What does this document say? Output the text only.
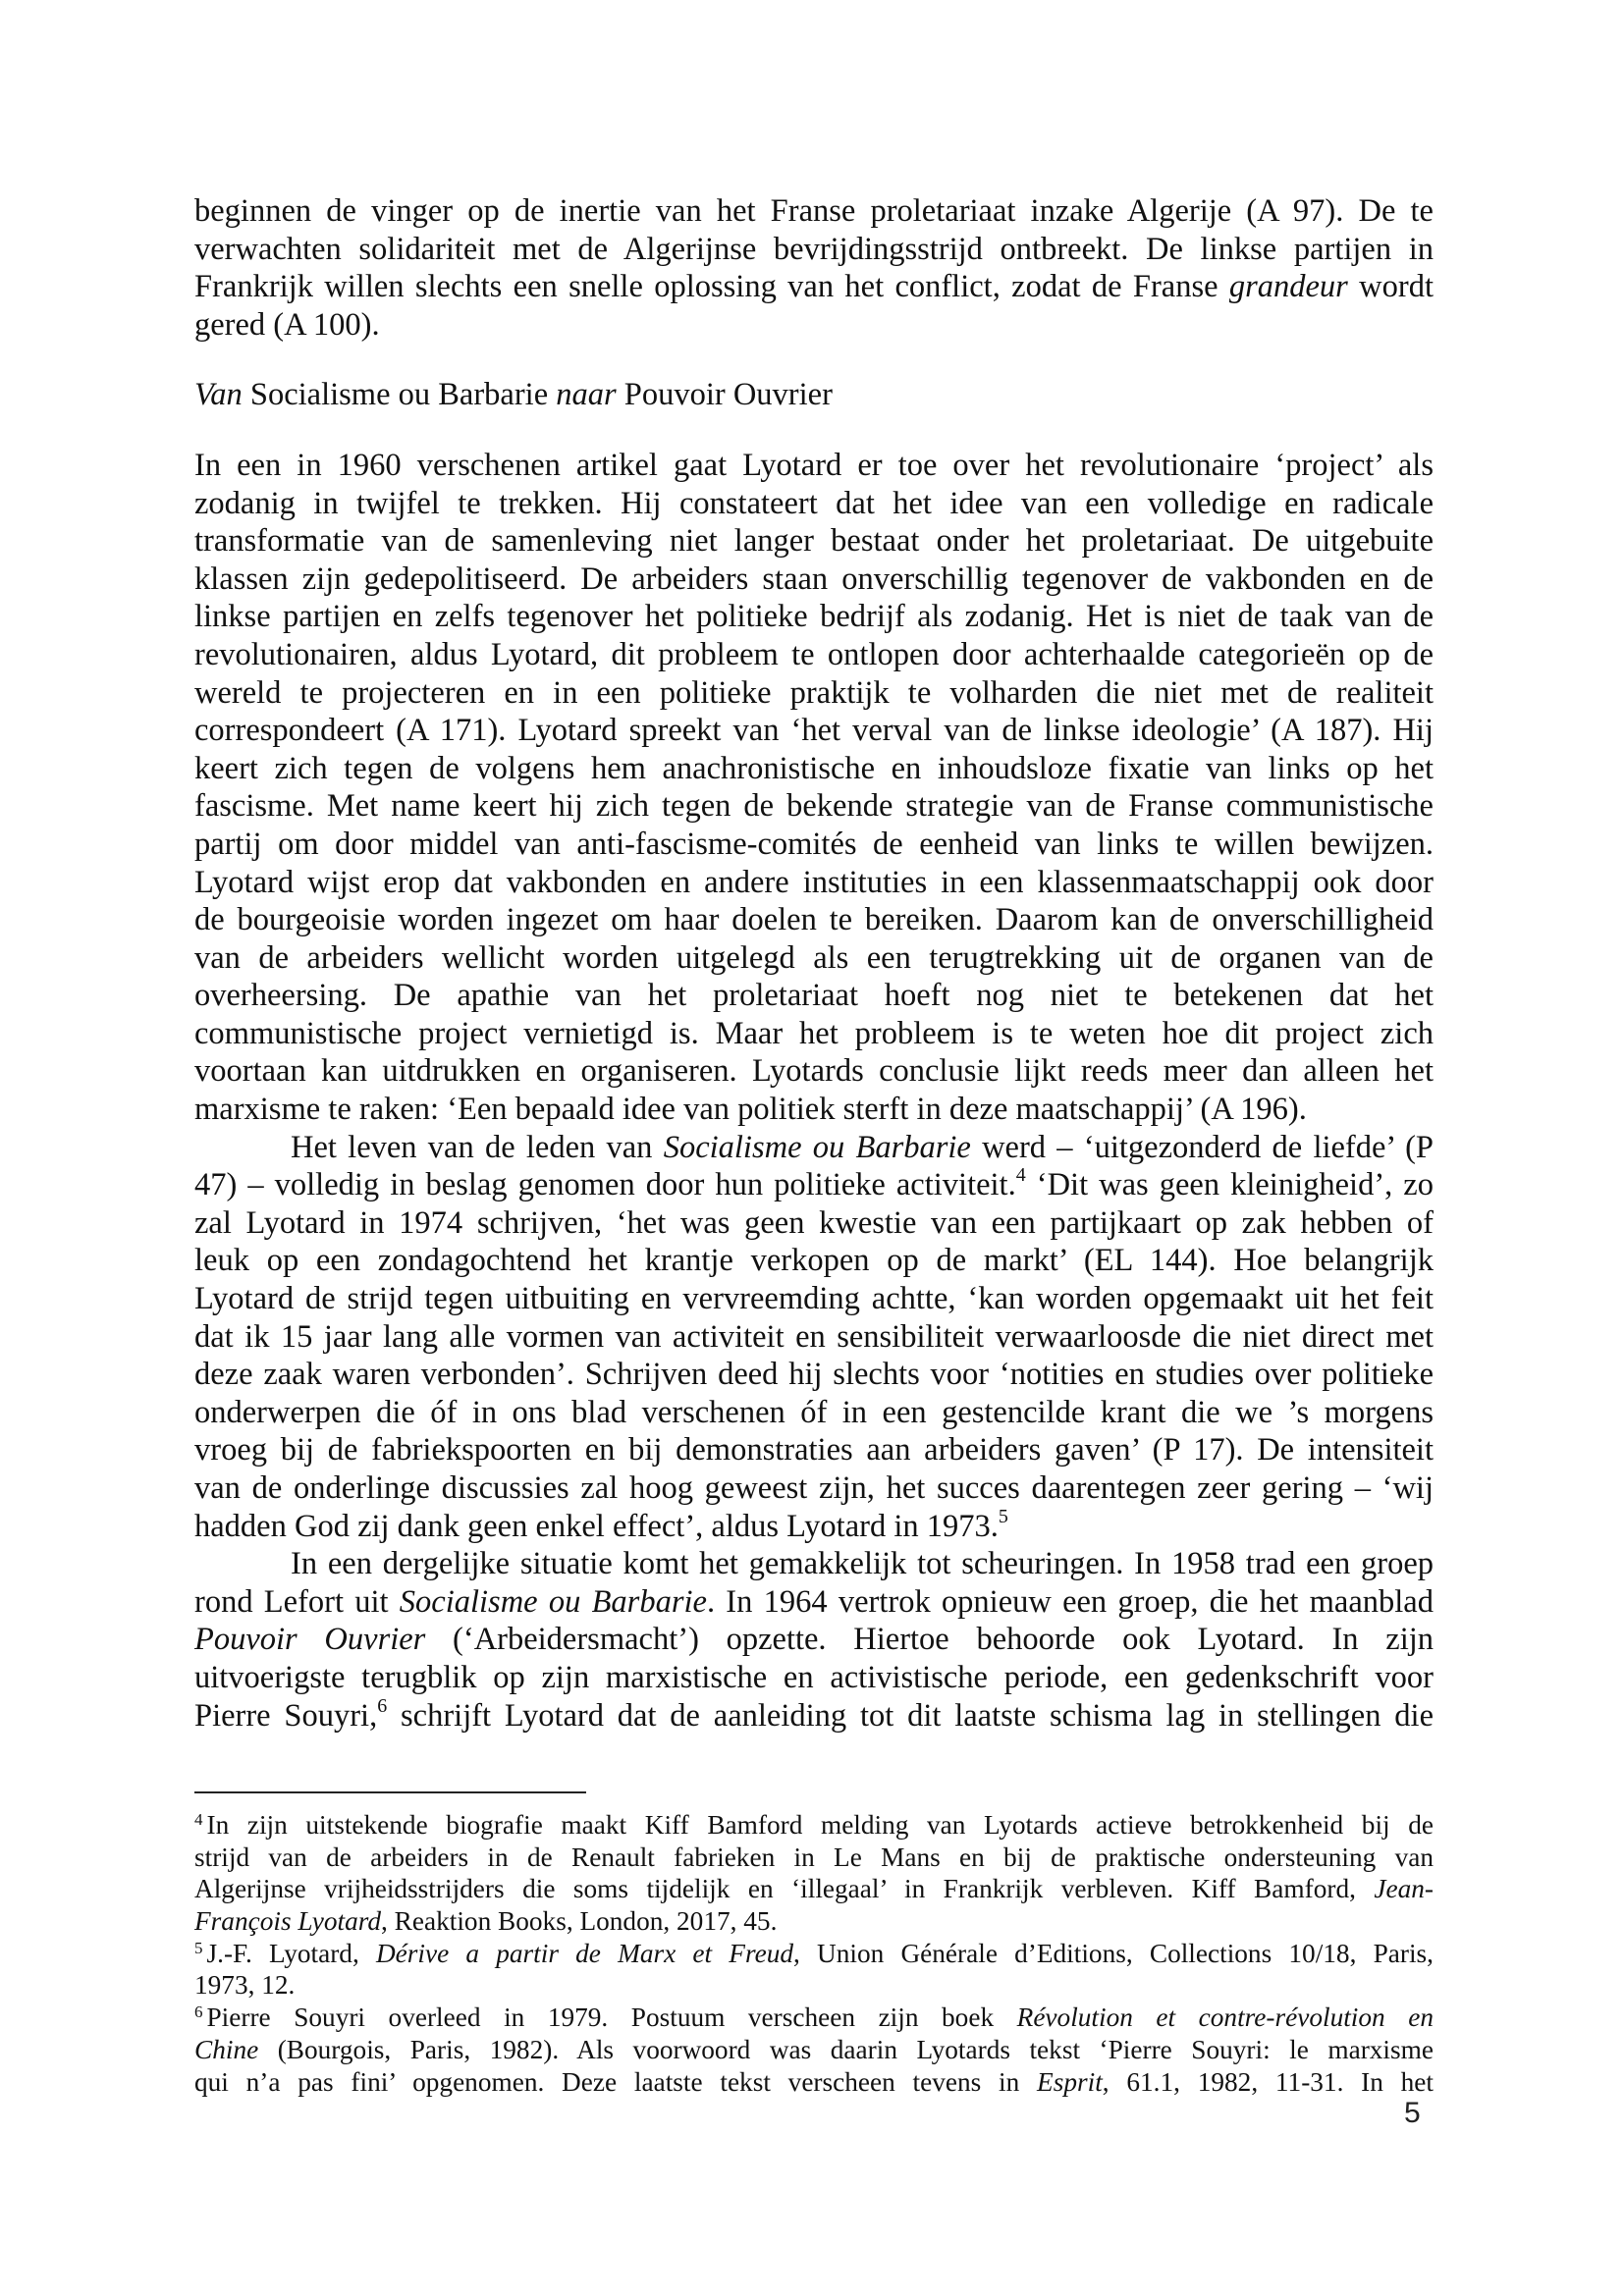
beginnen de vinger op de inertie van het Franse proletariaat inzake Algerije (A 97). De te
verwachten solidariteit met de Algerijnse bevrijdingsstrijd ontbreekt. De linkse partijen in
Frankrijk willen slechts een snelle oplossing van het conflict, zodat de Franse grandeur wordt
gered (A 100).
Van Socialisme ou Barbarie naar Pouvoir Ouvrier
In een in 1960 verschenen artikel gaat Lyotard er toe over het revolutionaire ‘project’ als
zodanig in twijfel te trekken. Hij constateert dat het idee van een volledige en radicale
transformatie van de samenleving niet langer bestaat onder het proletariaat. De uitgebuite
klassen zijn gedepolitiseerd. De arbeiders staan onverschillig tegenover de vakbonden en de
linkse partijen en zelfs tegenover het politieke bedrijf als zodanig. Het is niet de taak van de
revolutionairen, aldus Lyotard, dit probleem te ontlopen door achterhaalde categorieën op de
wereld te projecteren en in een politieke praktijk te volharden die niet met de realiteit
correspondeert (A 171). Lyotard spreekt van ‘het verval van de linkse ideologie’ (A 187). Hij
keert zich tegen de volgens hem anachronistische en inhoudsloze fixatie van links op het
fascisme. Met name keert hij zich tegen de bekende strategie van de Franse communistische
partij om door middel van anti-fascisme-comités de eenheid van links te willen bewijzen.
Lyotard wijst erop dat vakbonden en andere instituties in een klassenmaatschappij ook door
de bourgeoisie worden ingezet om haar doelen te bereiken. Daarom kan de onverschilligheid
van de arbeiders wellicht worden uitgelegd als een terugtrekking uit de organen van de
overheersing. De apathie van het proletariaat hoeft nog niet te betekenen dat het
communistische project vernietigd is. Maar het probleem is te weten hoe dit project zich
voortaan kan uitdrukken en organiseren. Lyotards conclusie lijkt reeds meer dan alleen het
marxisme te raken: ‘Een bepaald idee van politiek sterft in deze maatschappij’ (A 196).
Het leven van de leden van Socialisme ou Barbarie werd – ‘uitgezonderd de liefde’ (P
47) – volledig in beslag genomen door hun politieke activiteit.$^4$ ‘Dit was geen kleinigheid’, zo
zal Lyotard in 1974 schrijven, ‘het was geen kwestie van een partijkaart op zak hebben of
leuk op een zondagochtend het krantje verkopen op de markt’ (EL 144). Hoe belangrijk
Lyotard de strijd tegen uitbuiting en vervreemding achtte, ‘kan worden opgemaakt uit het feit
dat ik 15 jaar lang alle vormen van activiteit en sensibiliteit verwaarloosde die niet direct met
deze zaak waren verbonden’. Schrijven deed hij slechts voor ‘notities en studies over politieke
onderwerpen die óf in ons blad verschenen óf in een gestencilde krant die we ’s morgens
vroeg bij de fabriekspoorten en bij demonstraties aan arbeiders gaven’ (P 17). De intensiteit
van de onderlinge discussies zal hoog geweest zijn, het succes daarentegen zeer gering – ‘wij
hadden God zij dank geen enkel effect’, aldus Lyotard in 1973.$^5$
In een dergelijke situatie komt het gemakkelijk tot scheuringen. In 1958 trad een groep
rond Lefort uit Socialisme ou Barbarie. In 1964 vertrok opnieuw een groep, die het maanblad
Pouvoir Ouvrier (‘Arbeidersmacht’) opzette. Hiertoe behoorde ook Lyotard. In zijn
uitvoerigste terugblik op zijn marxistische en activistische periode, een gedenkschrift voor
Pierre Souyri,$^6$ schrijft Lyotard dat de aanleiding tot dit laatste schisma lag in stellingen die
$^4$ In zijn uitstekende biografie maakt Kiff Bamford melding van Lyotards actieve betrokkenheid bij de
strijd van de arbeiders in de Renault fabrieken in Le Mans en bij de praktische ondersteuning van
Algerijnse vrijheidsstrijders die soms tijdelijk en ‘illegaal’ in Frankrijk verbleven. Kiff Bamford, Jean-
François Lyotard, Reaktion Books, London, 2017, 45.
$^5$ J.-F. Lyotard, Dérive a partir de Marx et Freud, Union Générale d’Editions, Collections 10/18, Paris,
1973, 12.
$^6$ Pierre Souyri overleed in 1979. Postuum verscheen zijn boek Révolution et contre-révolution en
Chine (Bourgois, Paris, 1982). Als voorwoord was daarin Lyotards tekst ‘Pierre Souyri: le marxisme
qui n’a pas fini’ opgenomen. Deze laatste tekst verscheen tevens in Esprit, 61.1, 1982, 11-31. In het
5
